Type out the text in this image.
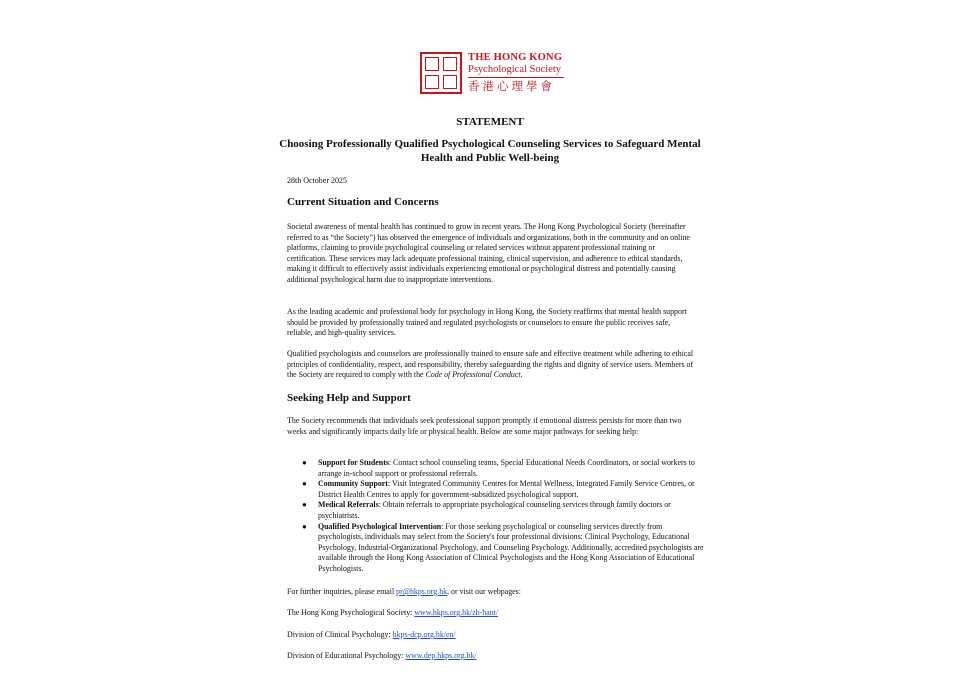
THE HONG KONG
Psychological Society
香港心理學會
STATEMENT
Choosing Professionally Qualified Psychological Counseling Services to Safeguard Mental Health and Public Well-being
28th October 2025
Current Situation and Concerns

Societal awareness of mental health has continued to grow in recent years. The Hong Kong Psychological Society (hereinafter referred to as “the Society”) has observed the emergence of individuals and organizations, both in the community and on online platforms, claiming to provide psychological counseling or related services without apparent professional training or certification. These services may lack adequate professional training, clinical supervision, and adherence to ethical standards, making it difficult to effectively assist individuals experiencing emotional or psychological distress and potentially causing additional psychological harm due to inappropriate interventions.

As the leading academic and professional body for psychology in Hong Kong, the Society reaffirms that mental health support should be provided by professionally trained and regulated psychologists or counselors to ensure the public receives safe, reliable, and high-quality services.

Qualified psychologists and counselors are professionally trained to ensure safe and effective treatment while adhering to ethical principles of confidentiality, respect, and responsibility, thereby safeguarding the rights and dignity of service users. Members of the Society are required to comply with the Code of Professional Conduct.

Seeking Help and Support

The Society recommends that individuals seek professional support promptly if emotional distress persists for more than two weeks and significantly impacts daily life or physical health. Below are some major pathways for seeking help:

● Support for Students: Contact school counseling teams, Special Educational Needs Coordinators, or social workers to arrange in-school support or professional referrals.
● Community Support: Visit Integrated Community Centres for Mental Wellness, Integrated Family Service Centres, or District Health Centres to apply for government-subsidized psychological support.
● Medical Referrals: Obtain referrals to appropriate psychological counseling services through family doctors or psychiatrists.
● Qualified Psychological Intervention: For those seeking psychological or counseling services directly from psychologists, individuals may select from the Society's four professional divisions: Clinical Psychology, Educational Psychology, Industrial-Organizational Psychology, and Counseling Psychology. Additionally, accredited psychologists are available through the Hong Kong Association of Clinical Psychologists and the Hong Kong Association of Educational Psychologists.
For further inquiries, please email pr@hkps.org.hk, or visit our webpages:
The Hong Kong Psychological Society: www.hkps.org.hk/zh-hant/
Division of Clinical Psychology: hkps-dcp.org.hk/en/
Division of Educational Psychology: www.dep.hkps.org.hk/
